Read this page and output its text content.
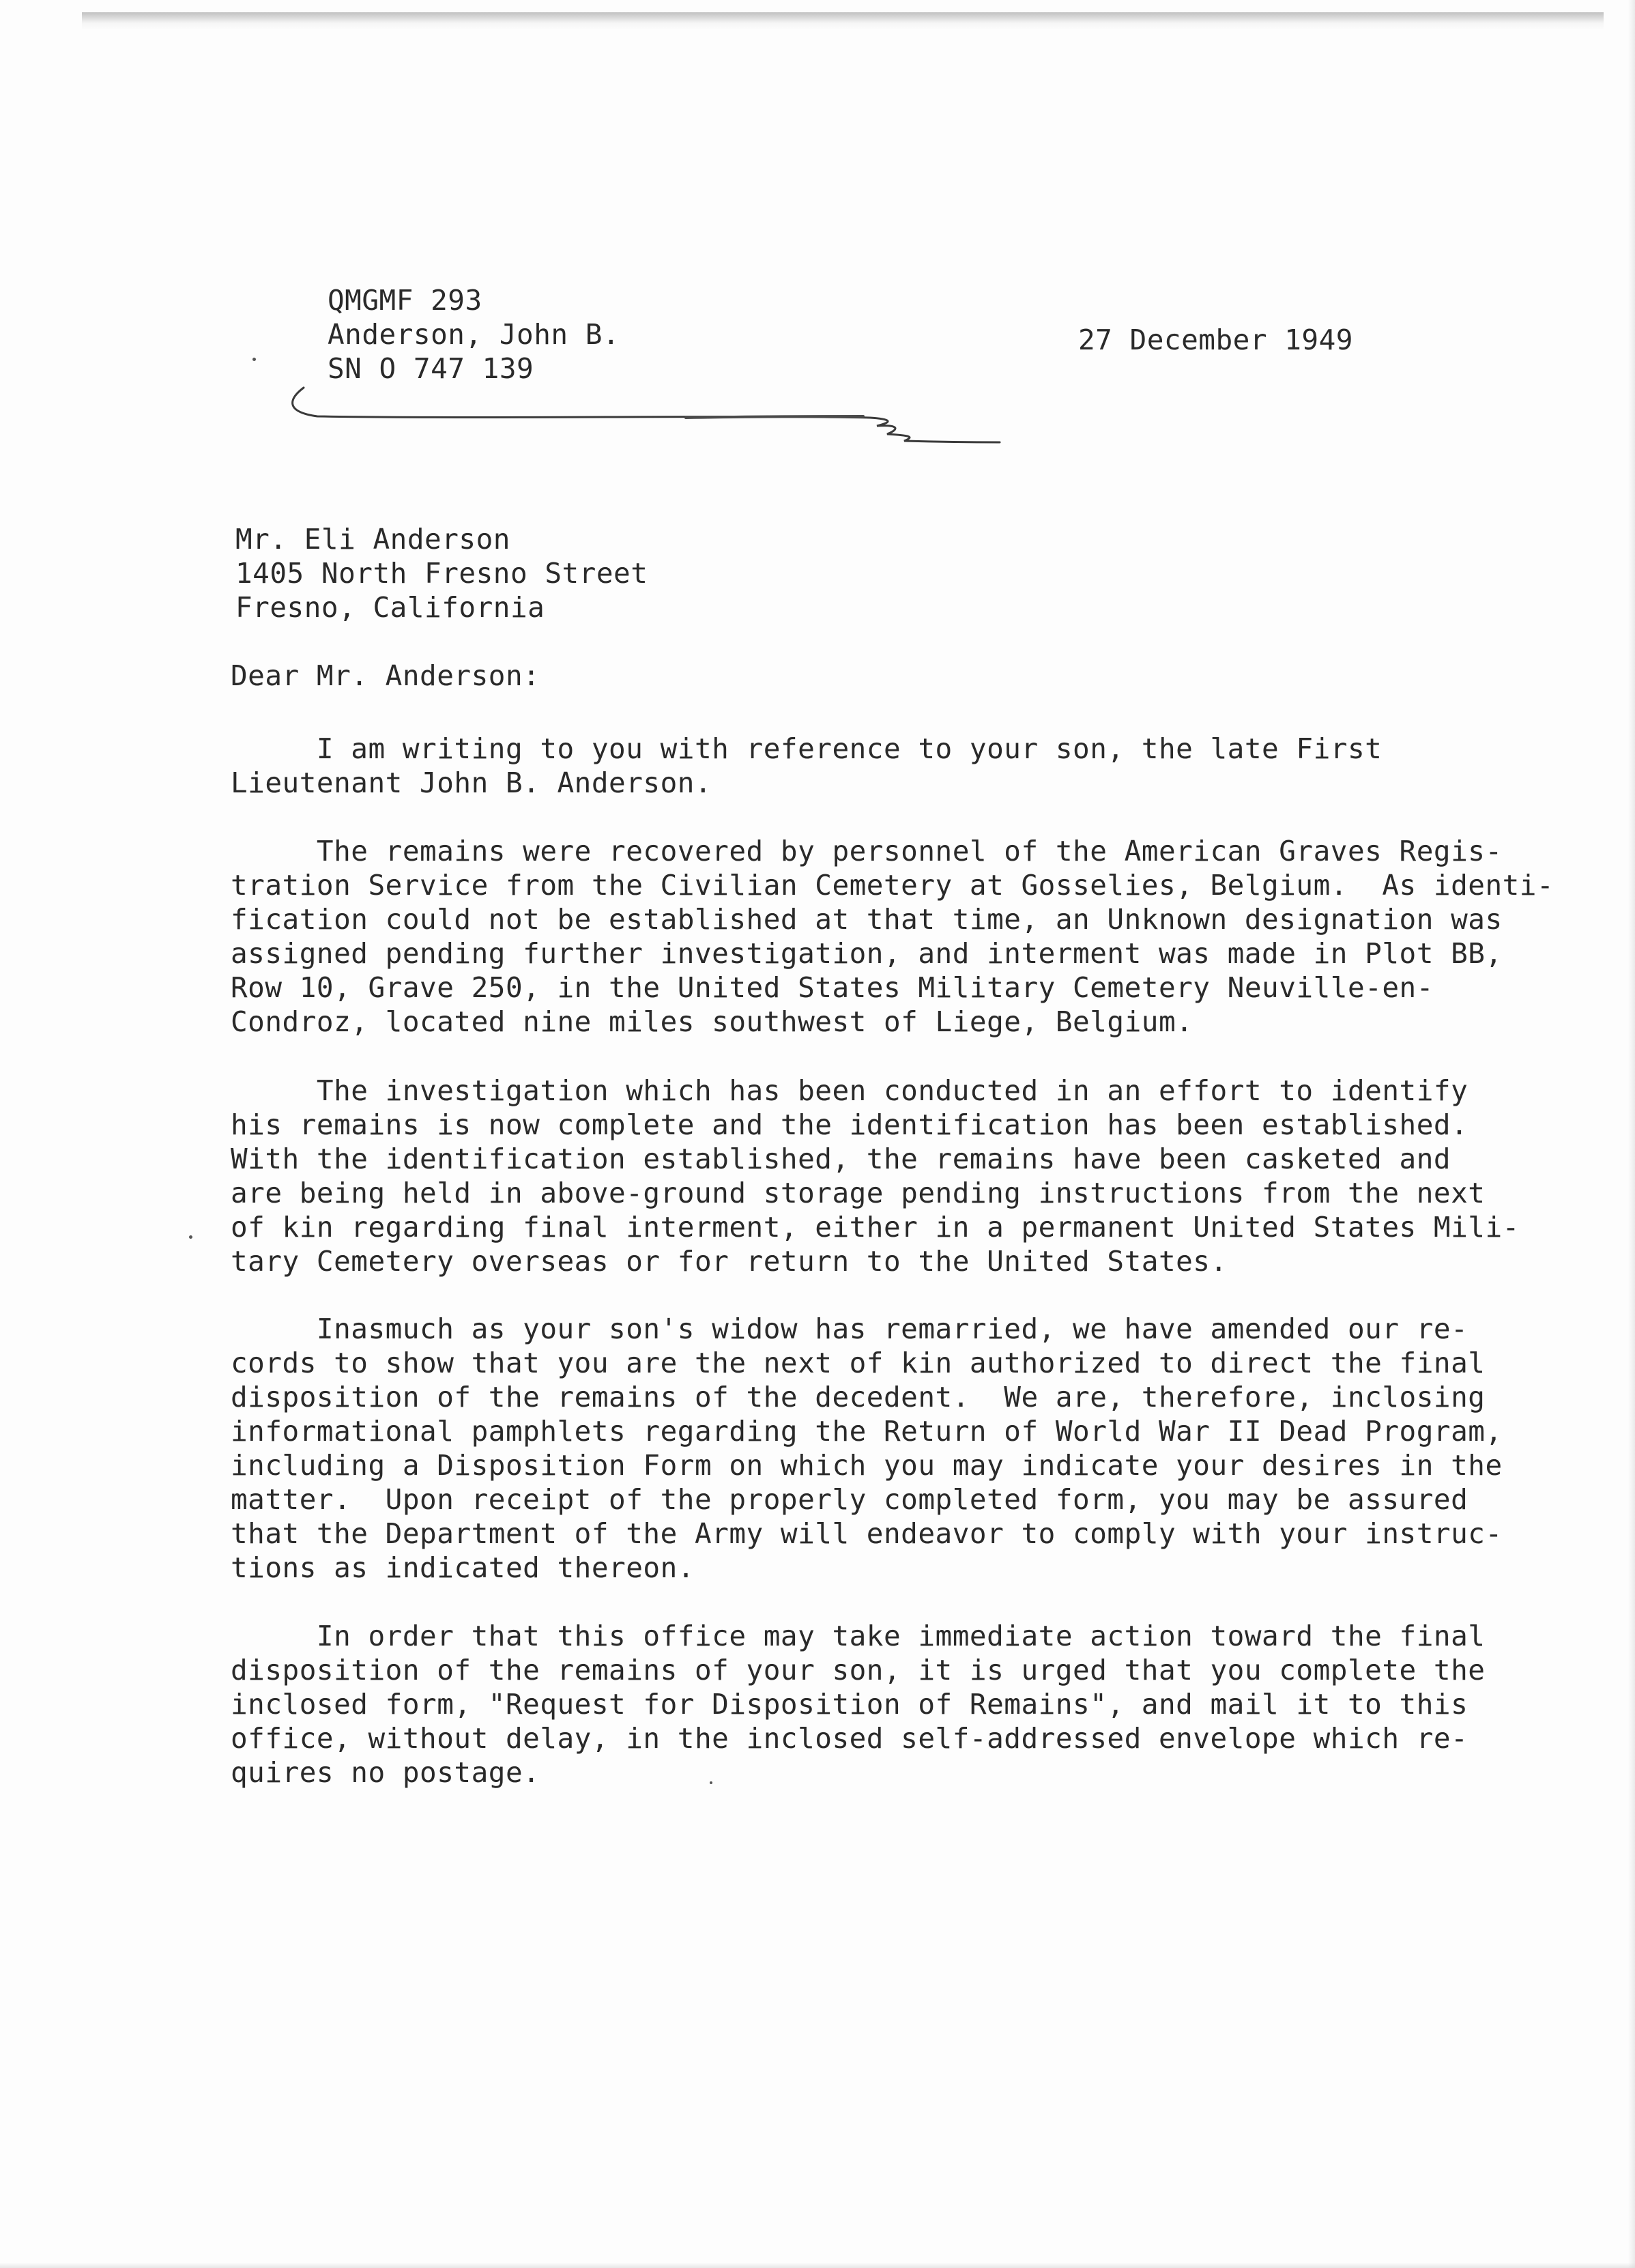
QMGMF 293
Anderson, John B.
SN O 747 139
27 December 1949
Mr. Eli Anderson
1405 North Fresno Street
Fresno, California
Dear Mr. Anderson:
I am writing to you with reference to your son, the late First
Lieutenant John B. Anderson.
The remains were recovered by personnel of the American Graves Regis-
tration Service from the Civilian Cemetery at Gosselies, Belgium.  As identi-
fication could not be established at that time, an Unknown designation was
assigned pending further investigation, and interment was made in Plot BB,
Row 10, Grave 250, in the United States Military Cemetery Neuville-en-
Condroz, located nine miles southwest of Liege, Belgium.
The investigation which has been conducted in an effort to identify
his remains is now complete and the identification has been established.
With the identification established, the remains have been casketed and
are being held in above-ground storage pending instructions from the next
of kin regarding final interment, either in a permanent United States Mili-
tary Cemetery overseas or for return to the United States.
Inasmuch as your son's widow has remarried, we have amended our re-
cords to show that you are the next of kin authorized to direct the final
disposition of the remains of the decedent.  We are, therefore, inclosing
informational pamphlets regarding the Return of World War II Dead Program,
including a Disposition Form on which you may indicate your desires in the
matter.  Upon receipt of the properly completed form, you may be assured
that the Department of the Army will endeavor to comply with your instruc-
tions as indicated thereon.
In order that this office may take immediate action toward the final
disposition of the remains of your son, it is urged that you complete the
inclosed form, "Request for Disposition of Remains", and mail it to this
office, without delay, in the inclosed self-addressed envelope which re-
quires no postage.
